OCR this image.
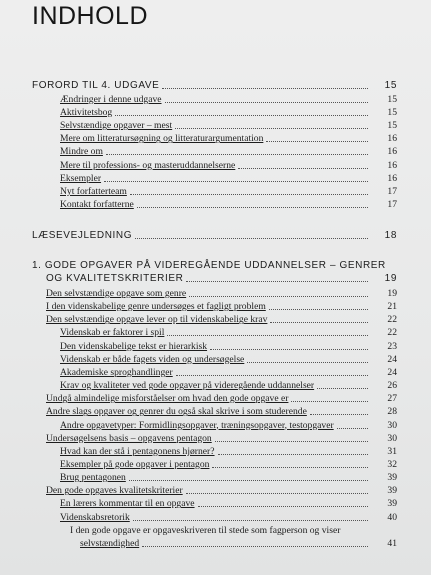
INDHOLD
FORORD TIL 4. UDGAVE	15
Ændringer i denne udgave	15
Aktivitetsbog	15
Selvstændige opgaver – mest	15
Mere om litteratursøgning og litteraturargumentation	16
Mindre om	16
Mere til professions- og masteruddannelserne	16
Eksempler	16
Nyt forfatterteam	17
Kontakt forfatterne	17
LÆSEVEJLEDNING	18
1. GODE OPGAVER PÅ VIDEREGÅENDE UDDANNELSER – GENRER
OG KVALITETSKRITERIER	19
Den selvstændige opgave som genre	19
I den videnskabelige genre undersøges et fagligt problem	21
Den selvstændige opgave lever op til videnskabelige krav	22
Videnskab er faktorer i spil	22
Den videnskabelige tekst er hierarkisk	23
Videnskab er både fagets viden og undersøgelse	24
Akademiske sproghandlinger	24
Krav og kvaliteter ved gode opgaver på videregående uddannelser	26
Undgå almindelige misforståelser om hvad den gode opgave er	27
Andre slags opgaver og genrer du også skal skrive i som studerende	28
Andre opgavetyper: Formidlingsopgaver, træningsopgaver, testopgaver	30
Undersøgelsens basis – opgavens pentagon	30
Hvad kan der stå i pentagonens hjørner?	31
Eksempler på gode opgaver i pentagon	32
Brug pentagonen	39
Den gode opgaves kvalitetskriterier	39
En lærers kommentar til en opgave	39
Videnskabsretorik	40
I den gode opgave er opgaveskriveren til stede som fagperson og viser
selvstændighed	41
